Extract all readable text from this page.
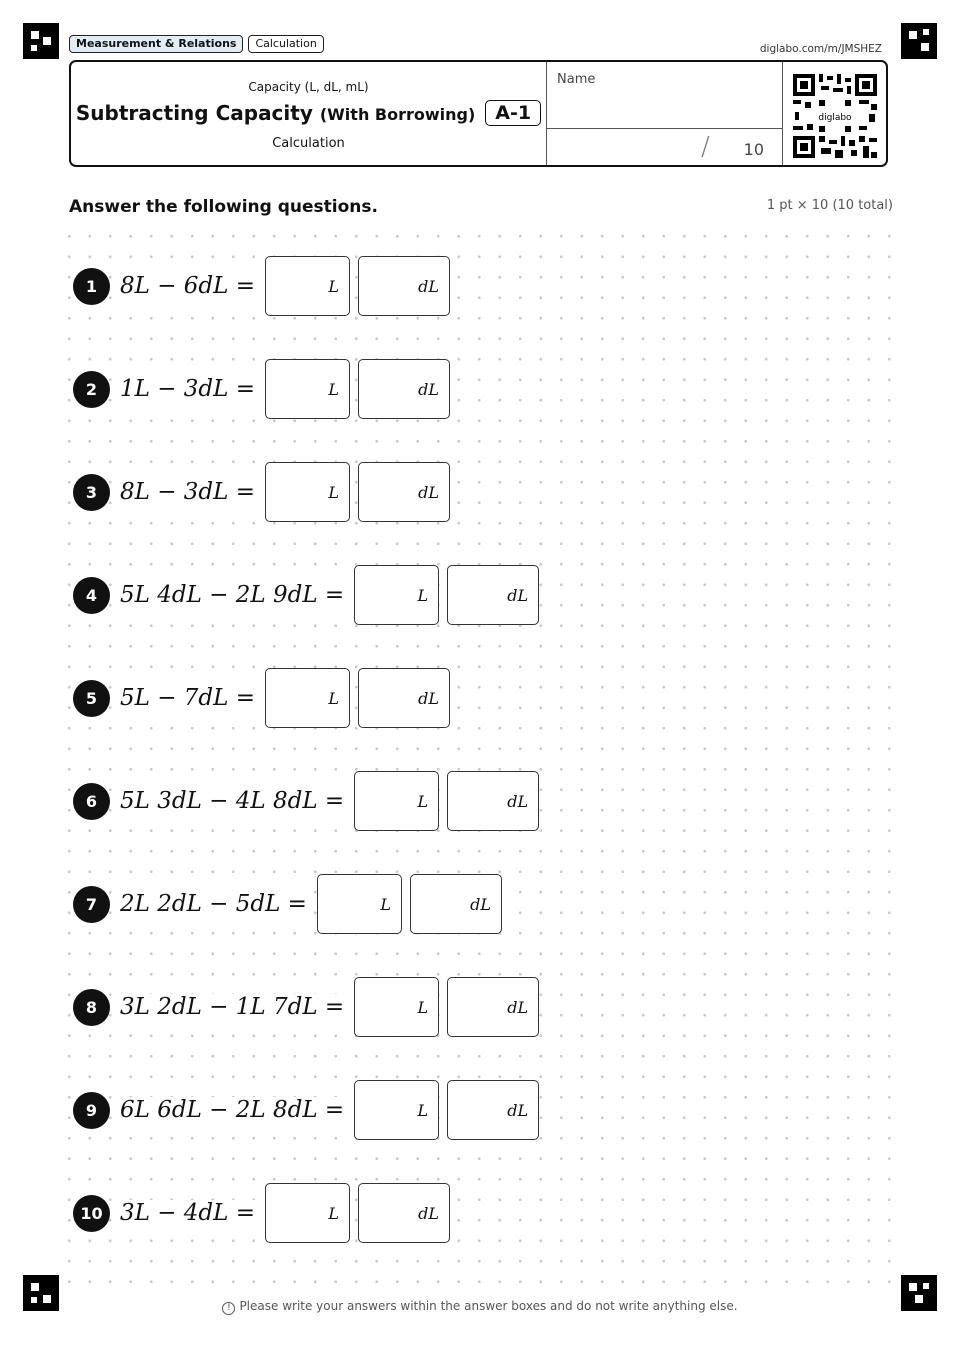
Measurement & Relations	Calculation	diglabo.com/m/JMSHEZ
Capacity (L, dL, mL)
Subtracting Capacity (With Borrowing)	A-1
Calculation
Name
/ 10
diglabo
Answer the following questions.	1 pt × 10 (10 total)
1 8L − 6dL =	L	dL
2 1L − 3dL =	L	dL
3 8L − 3dL =	L	dL
4 5L 4dL − 2L 9dL =	L	dL
5 5L − 7dL =	L	dL
6 5L 3dL − 4L 8dL =	L	dL
7 2L 2dL − 5dL =	L	dL
8 3L 2dL − 1L 7dL =	L	dL
9 6L 6dL − 2L 8dL =	L	dL
10 3L − 4dL =	L	dL
! Please write your answers within the answer boxes and do not write anything else.
